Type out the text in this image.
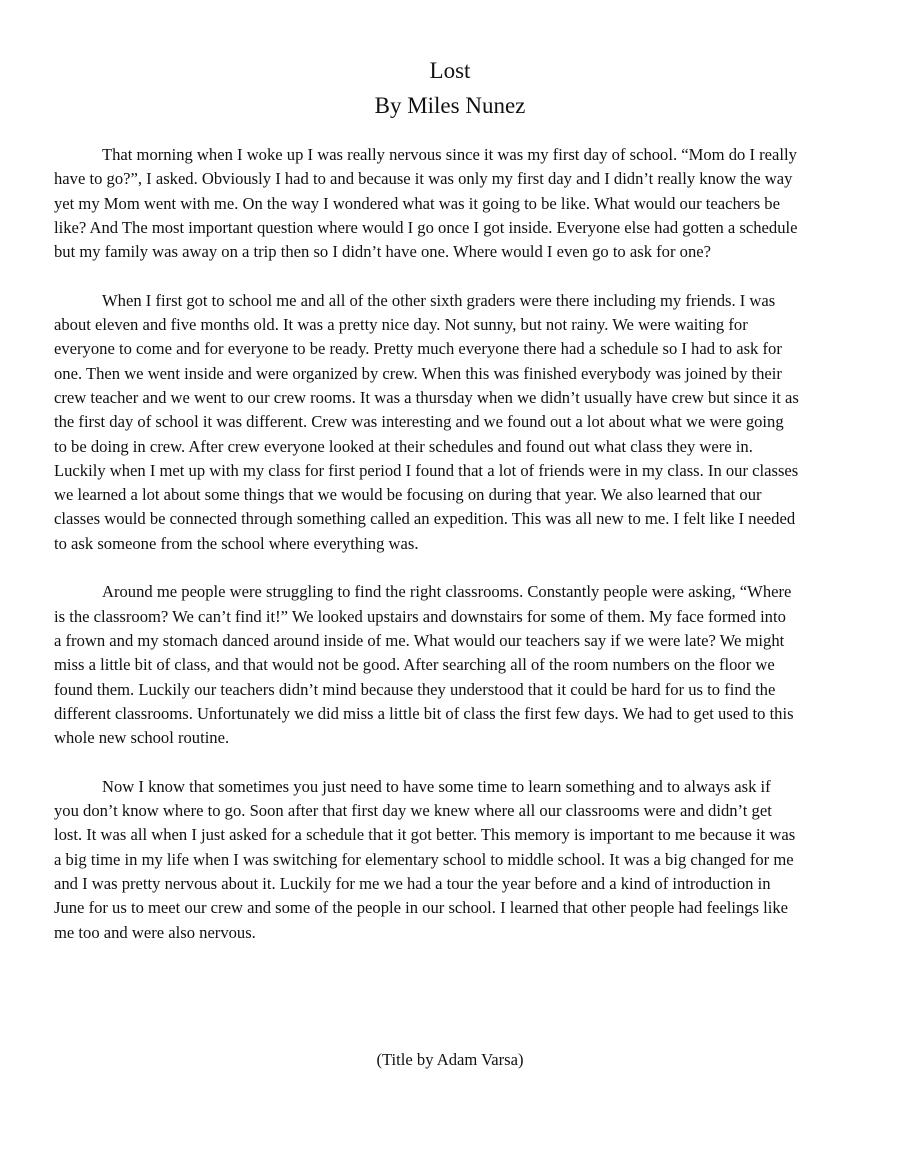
Lost
By Miles Nunez
That morning when I woke up I was really nervous since it was my first day of school. “Mom do I really
have to go?”, I asked. Obviously I had to and because it was only my first day and I didn’t really know the way
yet my Mom went with me. On the way I wondered what was it going to be like. What would our teachers be
like? And The most important question where would I go once I got inside. Everyone else had gotten a schedule
but my family was away on a trip then so I didn’t have one. Where would I even go to ask for one?
When I first got to school me and all of the other sixth graders were there including my friends. I was
about eleven and five months old. It was a pretty nice day. Not sunny, but not rainy. We were waiting for
everyone to come and for everyone to be ready. Pretty much everyone there had a schedule so I had to ask for
one. Then we went inside and were organized by crew. When this was finished everybody was joined by their
crew teacher and we went to our crew rooms. It was a thursday when we didn’t usually have crew but since it as
the first day of school it was different. Crew was interesting and we found out a lot about what we were going
to be doing in crew. After crew everyone looked at their schedules and found out what class they were in.
Luckily when I met up with my class for first period I found that a lot of friends were in my class. In our classes
we learned a lot about some things that we would be focusing on during that year. We also learned that our
classes would be connected through something called an expedition. This was all new to me. I felt like I needed
to ask someone from the school where everything was.
Around me people were struggling to find the right classrooms. Constantly people were asking, “Where
is the classroom? We can’t find it!” We looked upstairs and downstairs for some of them. My face formed into
a frown and my stomach danced around inside of me. What would our teachers say if we were late? We might
miss a little bit of class, and that would not be good. After searching all of the room numbers on the floor we
found them. Luckily our teachers didn’t mind because they understood that it could be hard for us to find the
different classrooms. Unfortunately we did miss a little bit of class the first few days. We had to get used to this
whole new school routine.
Now I know that sometimes you just need to have some time to learn something and to always ask if
you don’t know where to go. Soon after that first day we knew where all our classrooms were and didn’t get
lost. It was all when I just asked for a schedule that it got better. This memory is important to me because it was
a big time in my life when I was switching for elementary school to middle school. It was a big changed for me
and I was pretty nervous about it. Luckily for me we had a tour the year before and a kind of introduction in
June for us to meet our crew and some of the people in our school. I learned that other people had feelings like
me too and were also nervous.
(Title by Adam Varsa)
